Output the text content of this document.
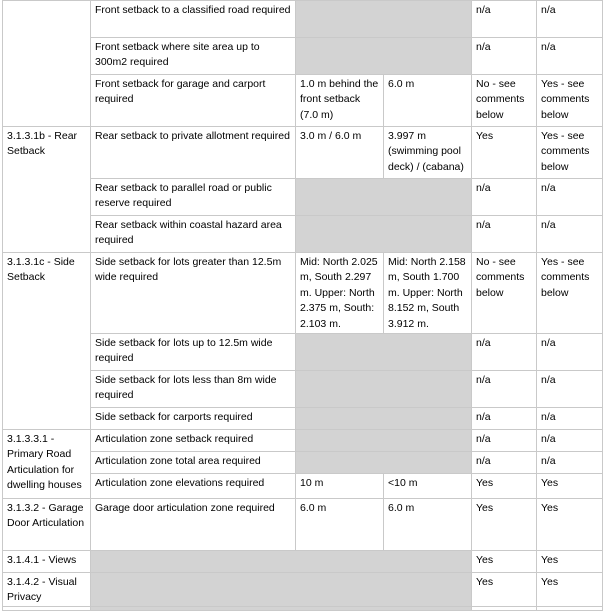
	Front setback to a classified road required			n/a	n/a
	Front setback where site area up to 300m2 required			n/a	n/a
	Front setback for garage and carport required	1.0 m behind the front setback (7.0 m)	6.0 m	No - see comments below	Yes - see comments below
3.1.3.1b - Rear Setback	Rear setback to private allotment required	3.0 m / 6.0 m	3.997 m (swimming pool deck) / (cabana)	Yes	Yes - see comments below
	Rear setback to parallel road or public reserve required			n/a	n/a
	Rear setback within coastal hazard area required			n/a	n/a
3.1.3.1c - Side Setback	Side setback for lots greater than 12.5m wide required	Mid: North 2.025 m, South 2.297 m. Upper: North 2.375 m, South: 2.103 m.	Mid: North 2.158 m, South 1.700 m. Upper: North 8.152 m, South 3.912 m.	No - see comments below	Yes - see comments below
	Side setback for lots up to 12.5m wide required			n/a	n/a
	Side setback for lots less than 8m wide required			n/a	n/a
	Side setback for carports required			n/a	n/a
3.1.3.3.1 - Primary Road Articulation for dwelling houses	Articulation zone setback required			n/a	n/a
	Articulation zone total area required			n/a	n/a
	Articulation zone elevations required	10 m	<10 m	Yes	Yes
3.1.3.2 - Garage Door Articulation	Garage door articulation zone required	6.0 m	6.0 m	Yes	Yes
3.1.4.1 - Views				Yes	Yes
3.1.4.2 - Visual Privacy				Yes	Yes
